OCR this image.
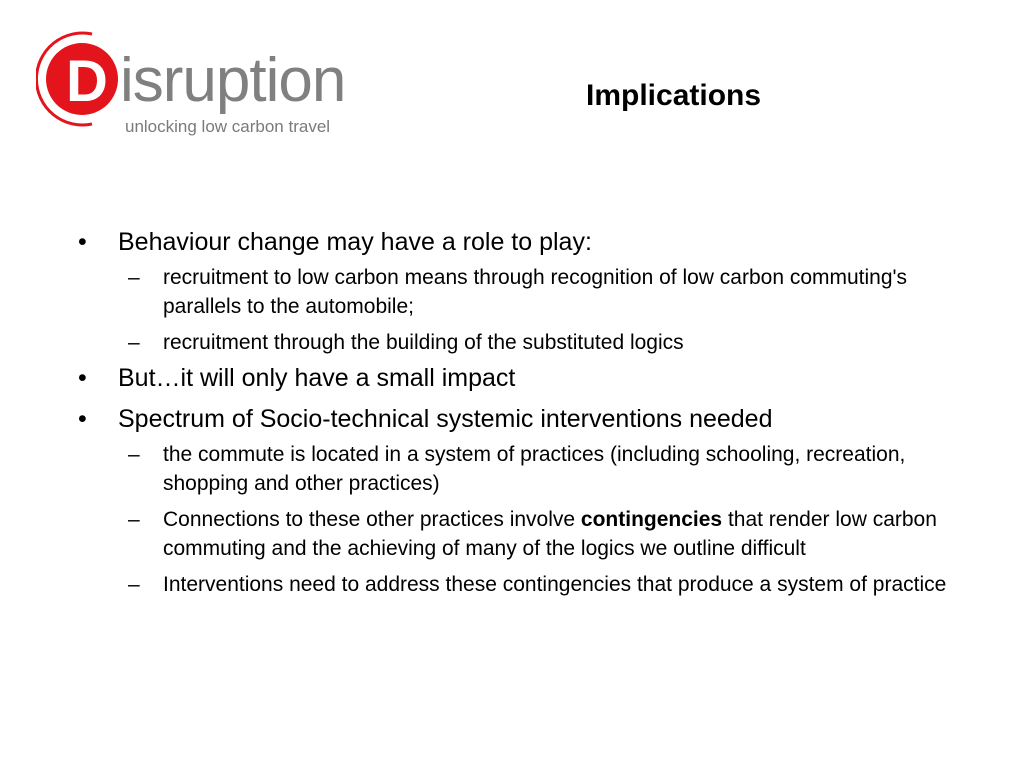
D isruption
unlocking low carbon travel
Implications
• Behaviour change may have a role to play:
– recruitment to low carbon means through recognition of low carbon commuting's parallels to the automobile;
– recruitment through the building of the substituted logics
• But…it will only have a small impact
• Spectrum of Socio-technical systemic interventions needed
– the commute is located in a system of practices (including schooling, recreation, shopping and other practices)
– Connections to these other practices involve contingencies that render low carbon commuting and the achieving of many of the logics we outline difficult
– Interventions need to address these contingencies that produce a system of practice
